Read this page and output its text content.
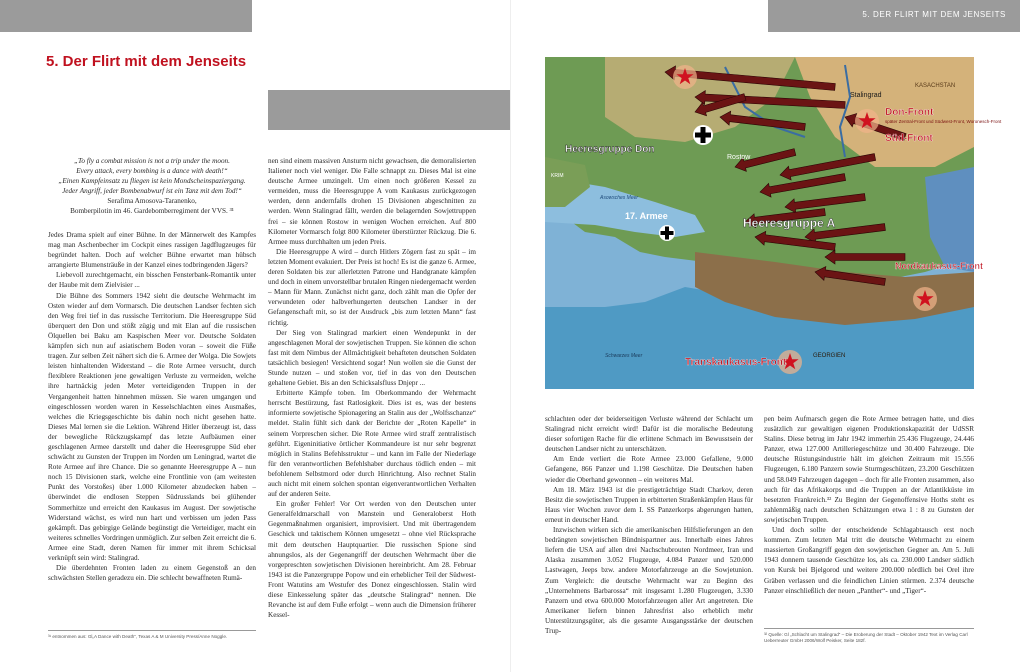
5. DER FLIRT MIT DEM JENSEITS
5. Der Flirt mit dem Jenseits

„To fly a combat mission is not a trip under the moon.

Every attack, every bombing is a dance with death!“

„Einen Kampfeinsatz zu fliegen ist kein Mondscheinspaziergang.

Jeder Angriff, jeder Bombenabwurf ist ein Tanz mit dem Tod!“

Serafima Amosova-Taranenko,

Bomberpilotin im 46. Gardebomberregiment der VVS. ³¹

Jedes Drama spielt auf einer Bühne. In der Männerwelt des Kampfes mag man Aschenbecher im Cockpit eines rassigen Jagdflugzeuges für begründet halten. Doch auf welcher Bühne erwartet man hübsch arrangierte Blumensträuße in der Kanzel eines todbringenden Jägers?

Liebevoll zurechtgemacht, ein bisschen Fensterbank-Romantik unter der Haube mit dem Zielvisier ...

Die Bühne des Sommers 1942 sieht die deutsche Wehrmacht im Osten wieder auf dem Vormarsch. Die deutschen Landser fechten sich den Weg frei tief in das russische Territorium. Die Heeresgruppe Süd überquert den Don und stößt zügig und mit Elan auf die russischen Ölquellen bei Baku am Kaspischen Meer vor. Deutsche Soldaten kämpfen sich nun auf asiatischem Boden voran – soweit die Füße tragen. Zur selben Zeit nähert sich die 6. Armee der Wolga. Die Sowjets leisten hinhaltenden Widerstand – die Rote Armee versucht, durch flexiblere Reaktionen jene gewaltigen Verluste zu vermeiden, welche ihre hartnäckig jeden Meter verteidigenden Truppen in der Vergangenheit hatten hinnehmen müssen. Sie waren umgangen und eingeschlossen worden waren in Kesselschlachten eines Ausmaßes, welches die Kriegsgeschichte bis dahin noch nicht gesehen hatte. Dieses Mal lernen sie die Lektion. Während Hitler überzeugt ist, dass der bewegliche Rückzugskampf das letzte Aufbäumen einer geschlagenen Armee darstellt und daher die Heeresgruppe Süd eher schwächt zu Gunsten der Truppen im Norden um Leningrad, wartet die Rote Armee auf ihre Chance. Die so genannte Heeresgruppe A – nun noch 15 Divisionen stark, welche eine Frontlinie von (am weitesten Punkt des Vorstoßes) über 1.000 Kilometer abzudecken haben – überwindet die endlosen Steppen Südrusslands bei glühender Sommerhitze und erreicht den Kaukasus im August. Der sowjetische Widerstand wächst, es wird nun hart und verbissen um jeden Pass gekämpft. Das gebirgige Gelände begünstigt die Verteidiger, macht ein weiteres schnelles Vordringen unmöglich. Zur selben Zeit erreicht die 6. Armee eine Stadt, deren Namen für immer mit ihrem Schicksal verknüpft sein wird: Stalingrad.

Die überdehnten Fronten laden zu einem Gegenstoß an den schwächsten Stellen geradezu ein. Die schlecht bewaffneten Rumä-

nen sind einem massiven Ansturm nicht gewachsen, die demoralisierten Italiener noch viel weniger. Die Falle schnappt zu. Dieses Mal ist eine deutsche Armee umzingelt. Um einen noch größeren Kessel zu vermeiden, muss die Heeresgruppe A vom Kaukasus zurückgezogen werden, denn andernfalls drohen 15 Divisionen abgeschnitten zu werden. Wenn Stalingrad fällt, werden die belagernden Sowjettruppen frei – sie können Rostow in wenigen Wochen erreichen. Auf 800 Kilometer Vormarsch folgt 800 Kilometer überstürzter Rückzug. Die 6. Armee muss durchhalten um jeden Preis.

Die Heeresgruppe A wird – durch Hitlers Zögern fast zu spät – im letzten Moment evakuiert. Der Preis ist hoch! Es ist die ganze 6. Armee, deren Soldaten bis zur allerletzten Patrone und Handgranate kämpfen und doch in einem unvorstellbar brutalen Ringen niedergemacht werden – Mann für Mann. Zunächst nicht ganz, doch zählt man die Opfer der verwundeten oder halbverhungerten deutschen Landser in der Gefangenschaft mit, so ist der Ausdruck „bis zum letzten Mann“ fast richtig.

Der Sieg von Stalingrad markiert einen Wendepunkt in der angeschlagenen Moral der sowjetischen Truppen. Sie können die schon fast mit dem Nimbus der Allmächtigkeit behafteten deutschen Soldaten tatsächlich besiegen! Versichtend sogar! Nun wollen sie die Gunst der Stunde nutzen – und stoßen vor, tief in das von den Deutschen gehaltene Gebiet. Bis an den Schicksalsfluss Dnjepr ...

Erbitterte Kämpfe toben. Im Oberkommando der Wehrmacht herrscht Bestürzung, fast Ratlosigkeit. Dies ist es, was der bestens informierte sowjetische Spionagering an Stalin aus der „Wolfsschanze“ meldet. Stalin fühlt sich dank der Berichte der „Roten Kapelle“ in seinem Vorpreschen sicher. Die Rote Armee wird straff zentralistisch geführt. Eigeninitiative örtlicher Kommandeure ist nur sehr begrenzt möglich in Stalins Befehlsstruktur – und kann im Falle der Niederlage für den verantwortlichen Befehlshaber durchaus tödlich enden – mit befohlenem Selbstmord oder durch Hinrichtung. Also rechnet Stalin auch nicht mit einem solchen spontan eigenverantwortlichen Verhalten auf der anderen Seite.

Ein großer Fehler! Vor Ort werden von den Deutschen unter Generalfeldmarschall von Manstein und Generaloberst Hoth Gegenmaßnahmen organisiert, improvisiert. Und mit übertragendem Geschick und taktischem Können umgesetzt – ohne viel Rücksprache mit dem deutschen Hauptquartier. Die russischen Spione sind ahnungslos, als der Gegenangriff der deutschen Wehrmacht über die vorgepreschten sowjetischen Divisionen hereinbricht. Am 28. Februar 1943 ist die Panzergruppe Popow und ein erheblicher Teil der Südwest-Front Watutins am Westufer des Donez eingeschlossen. Stalin wird diese Einkesselung später das „deutsche Stalingrad“ nennen. Die Revanche ist auf dem Fuße erfolgt – wenn auch die Dimension früherer Kessel-

³¹ entnommen aus: Gl„A Dance with Death“, Texas A & M University Press/Anne Noggle.
Stalingrad
KASACHSTAN
Heeresgruppe Don
Rostow
Asowsches Meer
17. Armee	Heeresgruppe A
KRIM
Don-Front
später Zentral-Front und Südwest-Front, Woronesch-Front
Süd-Front
Nordkaukasus-Front
Transkaukasus-Front
Schwarzes Meer	GEORGIEN

schlachten oder der beiderseitigen Verluste während der Schlacht um Stalingrad nicht erreicht wird! Dafür ist die moralische Bedeutung dieser sofortigen Rache für die erlittene Schmach im Bewusstsein der deutschen Landser nicht zu unterschätzen.

Am Ende verliert die Rote Armee 23.000 Gefallene, 9.000 Gefangene, 866 Panzer und 1.198 Geschütze. Die Deutschen haben wieder die Oberhand gewonnen – ein weiteres Mal.

Am 18. März 1943 ist die prestigeträchtige Stadt Charkov, deren Besitz die sowjetischen Truppen in erbitterten Straßenkämpfen Haus für Haus vier Wochen zuvor dem I. SS Panzerkorps abgerungen hatten, erneut in deutscher Hand.

Inzwischen wirken sich die amerikanischen Hilfslieferungen an den bedrängten sowjetischen Bündnispartner aus. Innerhalb eines Jahres liefern die USA auf allen drei Nachschubrouten Nordmeer, Iran und Alaska zusammen 3.052 Flugzeuge, 4.084 Panzer und 520.000 Lastwagen, Jeeps bzw. andere Motorfahrzeuge an die Sowjetunion. Zum Vergleich: die deutsche Wehrmacht war zu Beginn des „Unternehmens Barbarossa“ mit insgesamt 1.280 Flugzeugen, 3.330 Panzern und etwa 600.000 Motorfahrzeugen aller Art angetreten. Die Amerikaner liefern binnen Jahresfrist also erheblich mehr Unterstützungsgüter, als die gesamte Ausgangsstärke der deutschen Trup-

pen beim Aufmarsch gegen die Rote Armee betragen hatte, und dies zusätzlich zur gewaltigen eigenen Produktionskapazität der UdSSR Stalins. Diese betrug im Jahr 1942 immerhin 25.436 Flugzeuge, 24.446 Panzer, etwa 127.000 Artilleriegeschütze und 30.400 Fahrzeuge. Die deutsche Rüstungsindustrie hält im gleichen Zeitraum mit 15.556 Flugzeugen, 6.180 Panzern sowie Sturmgeschützen, 23.200 Geschützen und 58.049 Fahrzeugen dagegen – doch für alle Fronten zusammen, also auch für das Afrikakorps und die Truppen an der Atlantikküste im besetzten Frankreich.³² Zu Beginn der Gegenoffensive Hoths steht es zahlenmäßig nach deutschen Schätzungen etwa 1 : 8 zu Gunsten der sowjetischen Truppen.

Und doch sollte der entscheidende Schlagabtausch erst noch kommen. Zum letzten Mal tritt die deutsche Wehrmacht zu einem massierten Großangriff gegen den sowjetischen Gegner an. Am 5. Juli 1943 donnern tausende Geschütze los, als ca. 230.000 Landser südlich von Kursk bei Bjelgorod und weitere 200.000 nördlich bei Orel ihre Gräben verlassen und die feindlichen Linien stürmen. 2.374 deutsche Panzer einschließlich der neuen „Panther“- und „Tiger“-

³² Quelle: Gl „Schlacht um Stalingrad“ – Die Eroberung der Stadt – Oktober 1942 Text im Verlag Carl Ueberreuter GmbH 2006/Wolf Peisker, Seite 182f.
